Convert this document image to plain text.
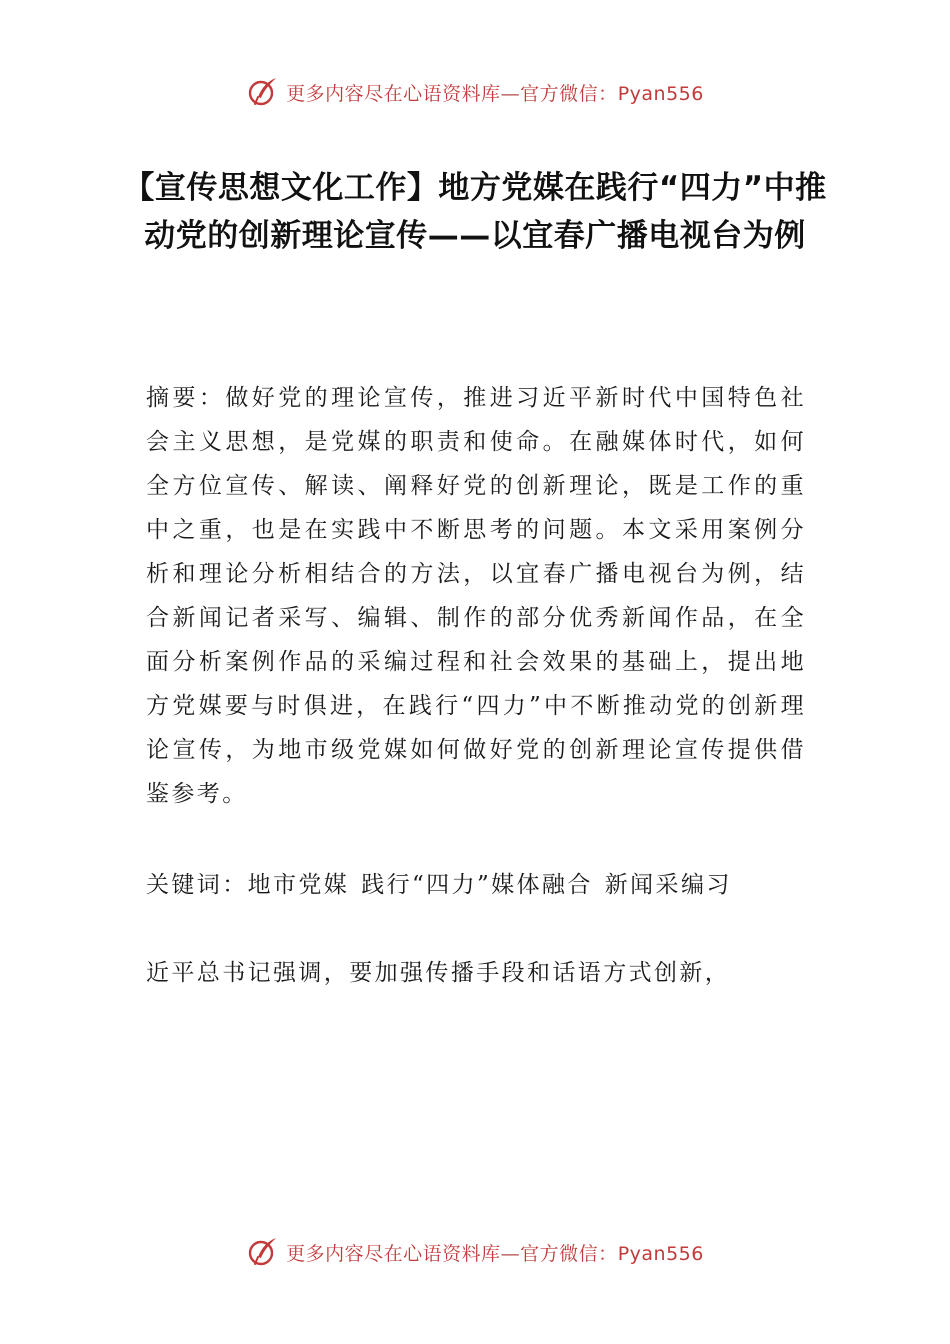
更多内容尽在心语资料库—官方微信：Pyan556
【宣传思想文化工作】地方党媒在践行“四力”中推动党的创新理论宣传——以宜春广播电视台为例

摘要：做好党的理论宣传，推进习近平新时代中国特色社会主义思想，是党媒的职责和使命。在融媒体时代，如何全方位宣传、解读、阐释好党的创新理论，既是工作的重中之重，也是在实践中不断思考的问题。本文采用案例分析和理论分析相结合的方法，以宜春广播电视台为例，结合新闻记者采写、编辑、制作的部分优秀新闻作品，在全面分析案例作品的采编过程和社会效果的基础上，提出地方党媒要与时俱进，在践行“四力”中不断推动党的创新理论宣传，为地市级党媒如何做好党的创新理论宣传提供借鉴参考。

关键词：地市党媒 践行“四力”媒体融合 新闻采编习

近平总书记强调，要加强传播手段和话语方式创新，

更多内容尽在心语资料库—官方微信：Pyan556
